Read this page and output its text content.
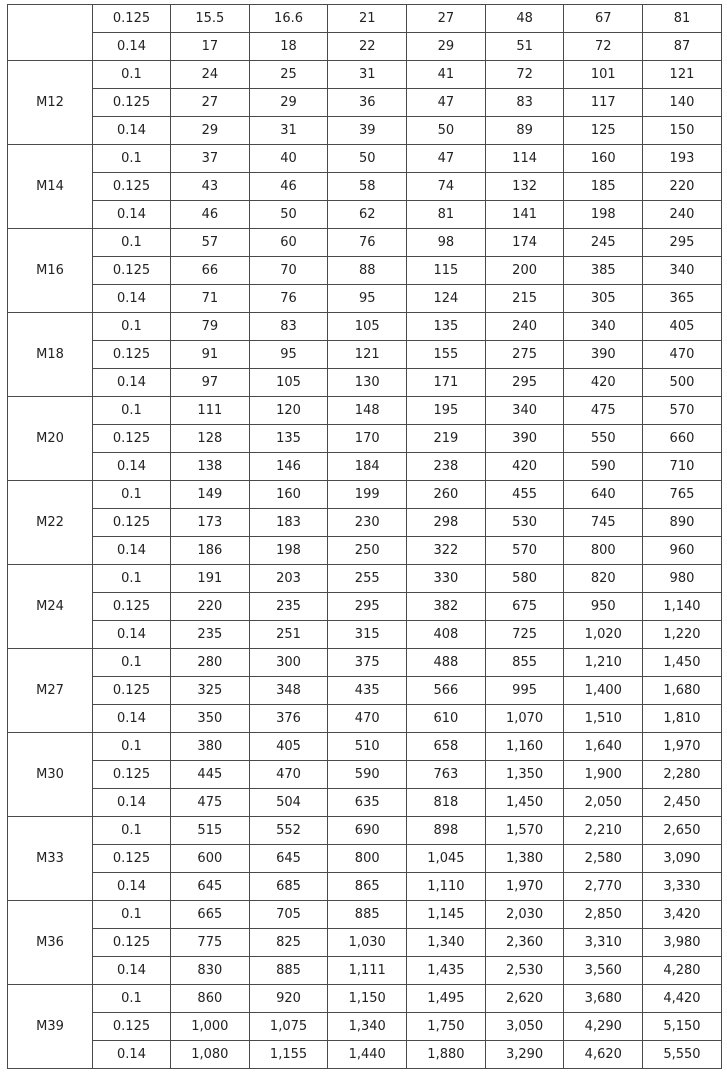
	0.125	15.5	16.6	21	27	48	67	81
	0.14	17	18	22	29	51	72	87
M12	0.1	24	25	31	41	72	101	121
	0.125	27	29	36	47	83	117	140
	0.14	29	31	39	50	89	125	150
M14	0.1	37	40	50	47	114	160	193
	0.125	43	46	58	74	132	185	220
	0.14	46	50	62	81	141	198	240
M16	0.1	57	60	76	98	174	245	295
	0.125	66	70	88	115	200	385	340
	0.14	71	76	95	124	215	305	365
M18	0.1	79	83	105	135	240	340	405
	0.125	91	95	121	155	275	390	470
	0.14	97	105	130	171	295	420	500
M20	0.1	111	120	148	195	340	475	570
	0.125	128	135	170	219	390	550	660
	0.14	138	146	184	238	420	590	710
M22	0.1	149	160	199	260	455	640	765
	0.125	173	183	230	298	530	745	890
	0.14	186	198	250	322	570	800	960
M24	0.1	191	203	255	330	580	820	980
	0.125	220	235	295	382	675	950	1,140
	0.14	235	251	315	408	725	1,020	1,220
M27	0.1	280	300	375	488	855	1,210	1,450
	0.125	325	348	435	566	995	1,400	1,680
	0.14	350	376	470	610	1,070	1,510	1,810
M30	0.1	380	405	510	658	1,160	1,640	1,970
	0.125	445	470	590	763	1,350	1,900	2,280
	0.14	475	504	635	818	1,450	2,050	2,450
M33	0.1	515	552	690	898	1,570	2,210	2,650
	0.125	600	645	800	1,045	1,380	2,580	3,090
	0.14	645	685	865	1,110	1,970	2,770	3,330
M36	0.1	665	705	885	1,145	2,030	2,850	3,420
	0.125	775	825	1,030	1,340	2,360	3,310	3,980
	0.14	830	885	1,111	1,435	2,530	3,560	4,280
M39	0.1	860	920	1,150	1,495	2,620	3,680	4,420
	0.125	1,000	1,075	1,340	1,750	3,050	4,290	5,150
	0.14	1,080	1,155	1,440	1,880	3,290	4,620	5,550
